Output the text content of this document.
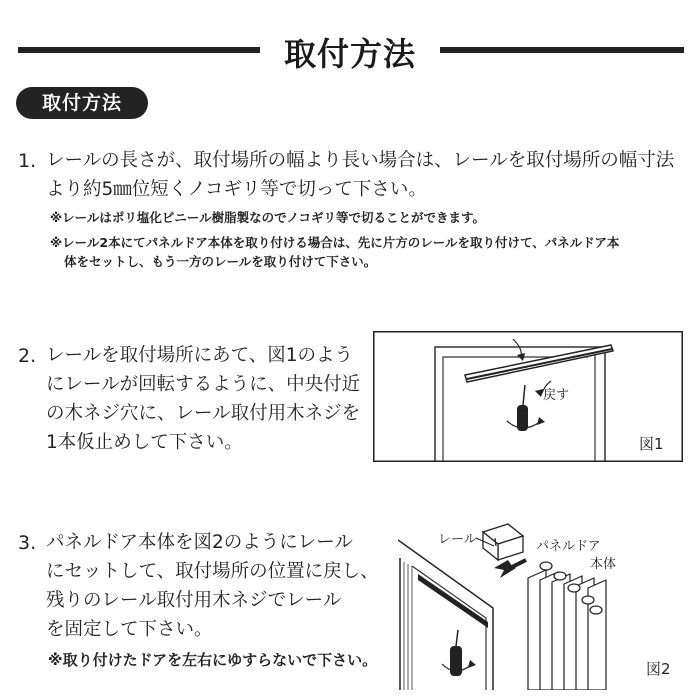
取付方法
取付方法
1. レールの長さが、取付場所の幅より長い場合は、レールを取付場所の幅寸法
より約5㎜位短くノコギリ等で切って下さい。
※レールはポリ塩化ビニール樹脂製なのでノコギリ等で切ることができます。
※レール2本にてパネルドア本体を取り付ける場合は、先に片方のレールを取り付けて、パネルドア本
体をセットし、もう一方のレールを取り付けて下さい。
2. レールを取付場所にあて、図1のよう
にレールが回転するように、中央付近
の木ネジ穴に、レール取付用木ネジを
1本仮止めして下さい。
戻す
図1
3. パネルドア本体を図2のようにレール
にセットして、取付場所の位置に戻し、
残りのレール取付用木ネジでレール
を固定して下さい。
※取り付けたドアを左右にゆすらないで下さい。
レール	パネルドア
本体
図2
